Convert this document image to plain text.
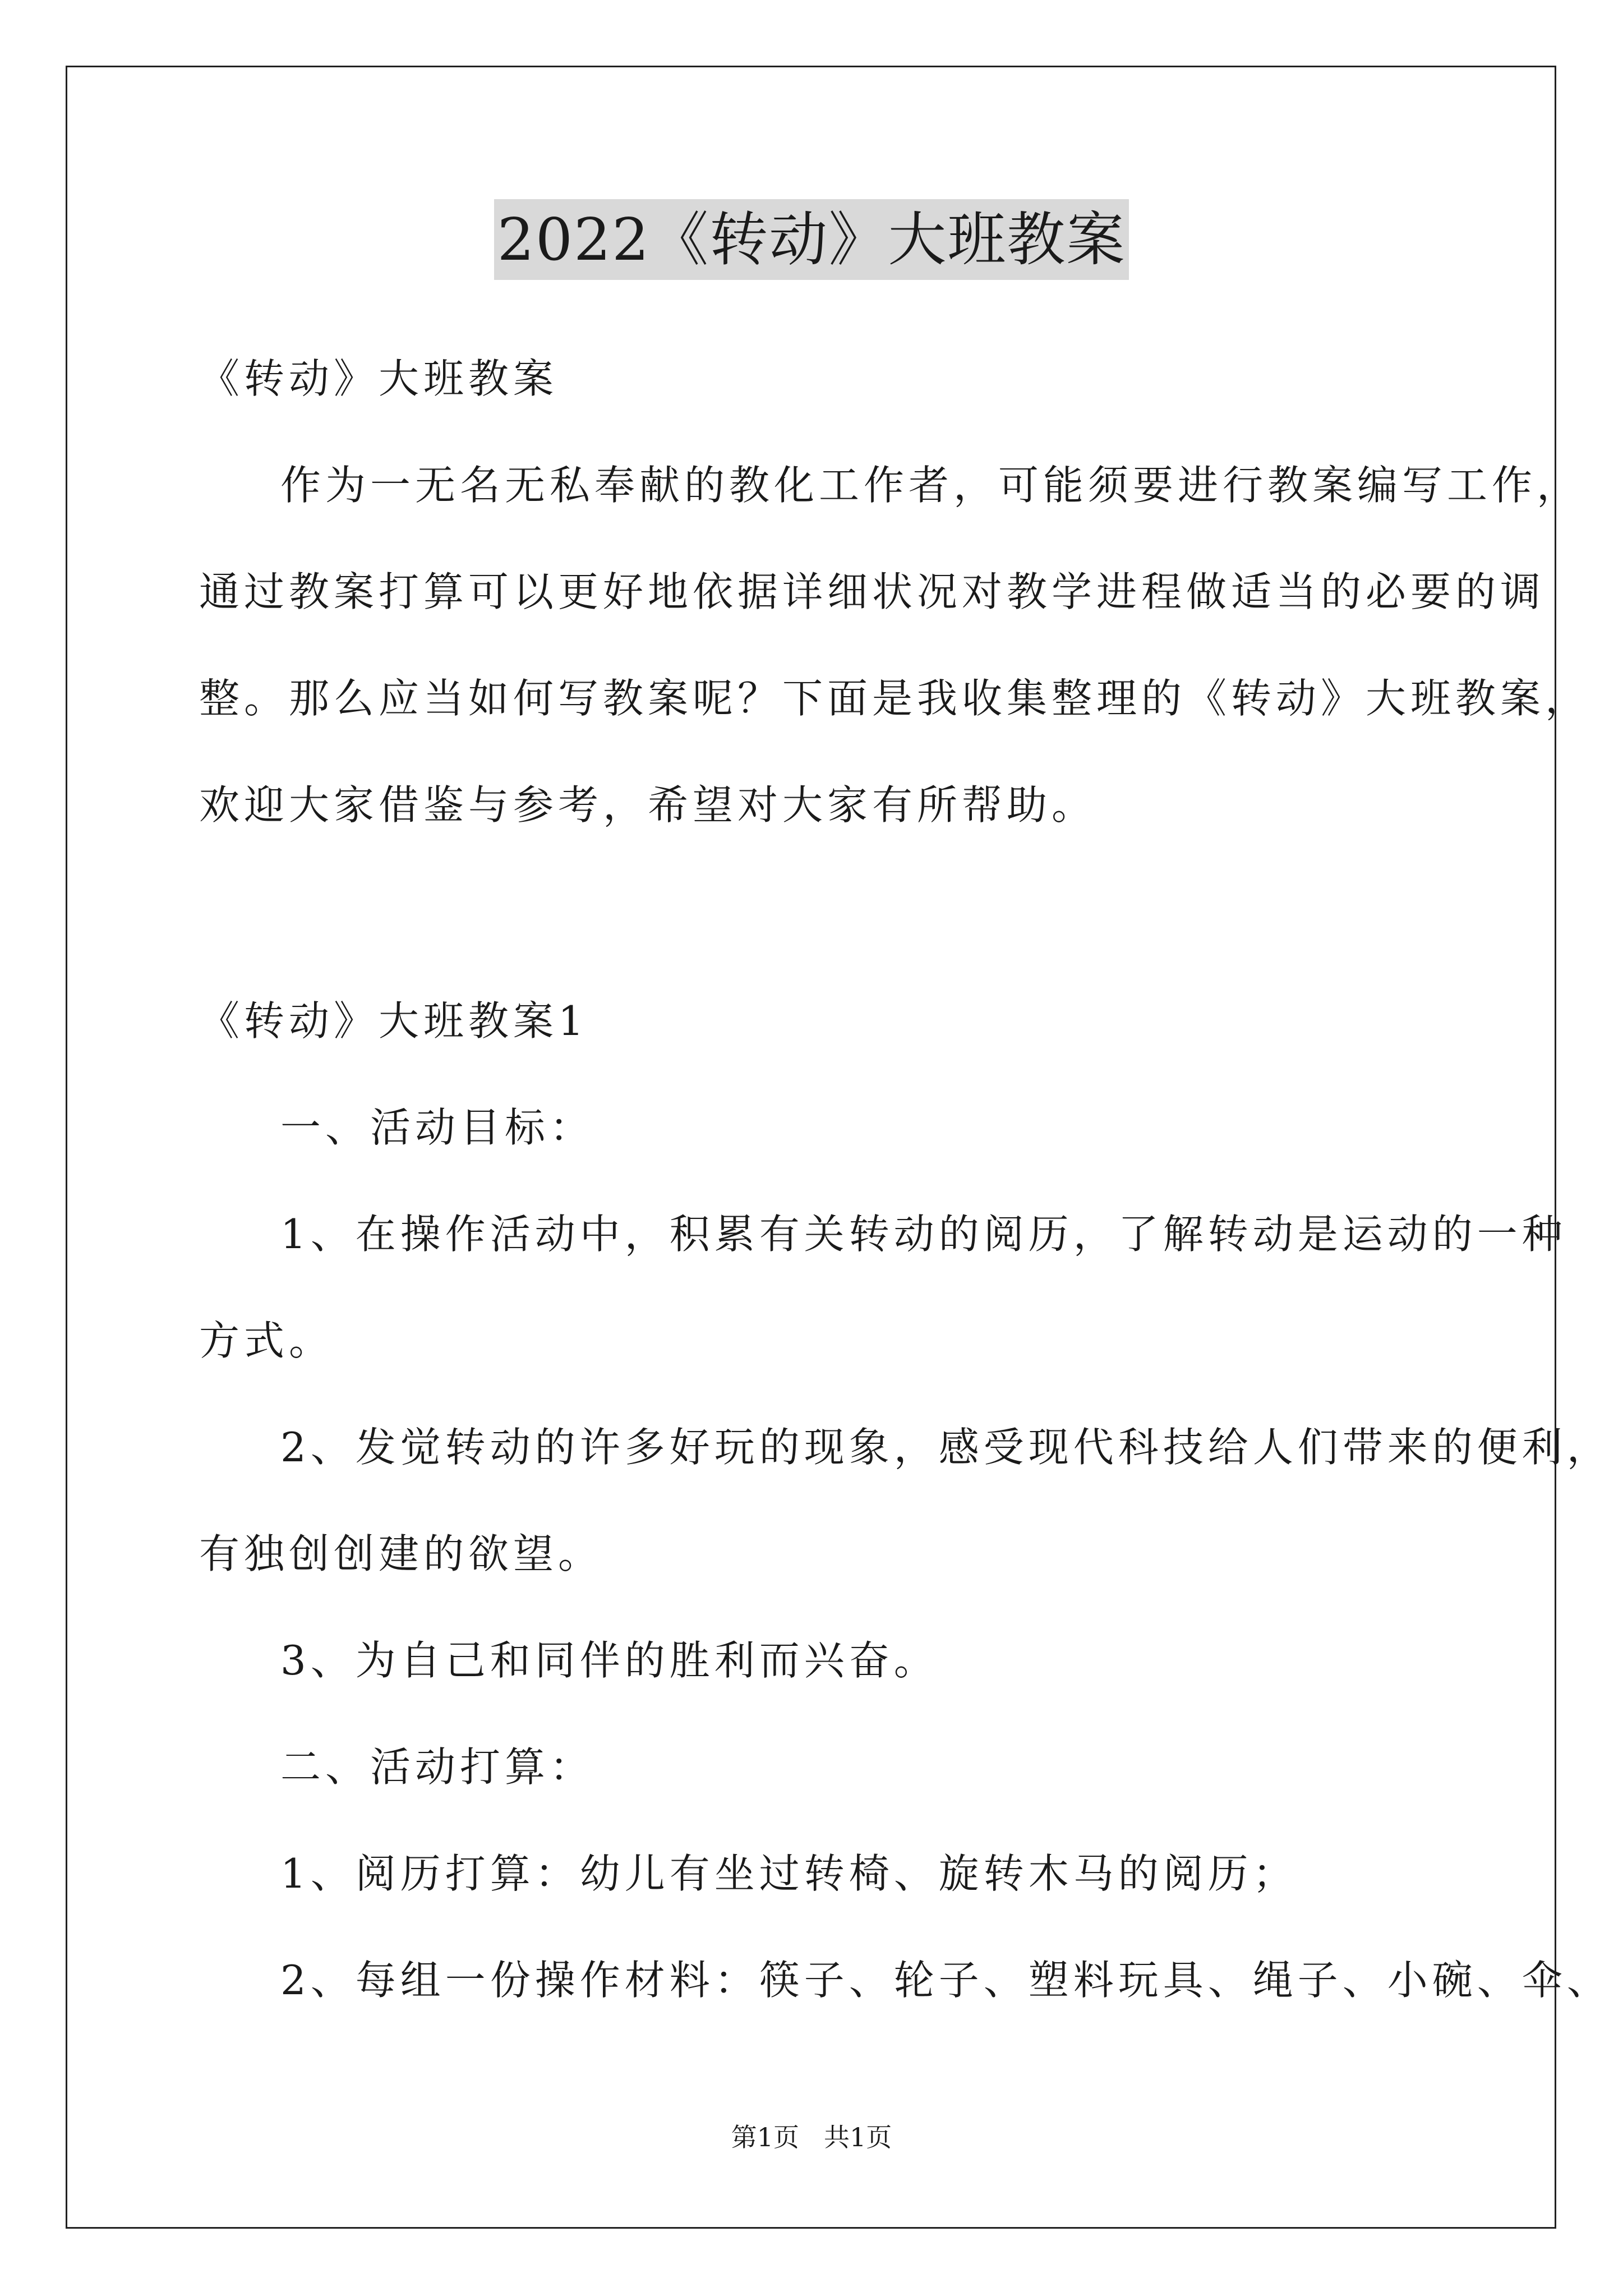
2022《转动》大班教案
《转动》大班教案
作为一无名无私奉献的教化工作者，可能须要进行教案编写工作，
通过教案打算可以更好地依据详细状况对教学进程做适当的必要的调
整。那么应当如何写教案呢？下面是我收集整理的《转动》大班教案，
欢迎大家借鉴与参考，希望对大家有所帮助。
《转动》大班教案1
一、活动目标：
1、在操作活动中，积累有关转动的阅历，了解转动是运动的一种
方式。
2、发觉转动的许多好玩的现象，感受现代科技给人们带来的便利，
有独创创建的欲望。
3、为自己和同伴的胜利而兴奋。
二、活动打算：
1、阅历打算：幼儿有坐过转椅、旋转木马的阅历；
2、每组一份操作材料：筷子、轮子、塑料玩具、绳子、小碗、伞、
第1页 共1页
